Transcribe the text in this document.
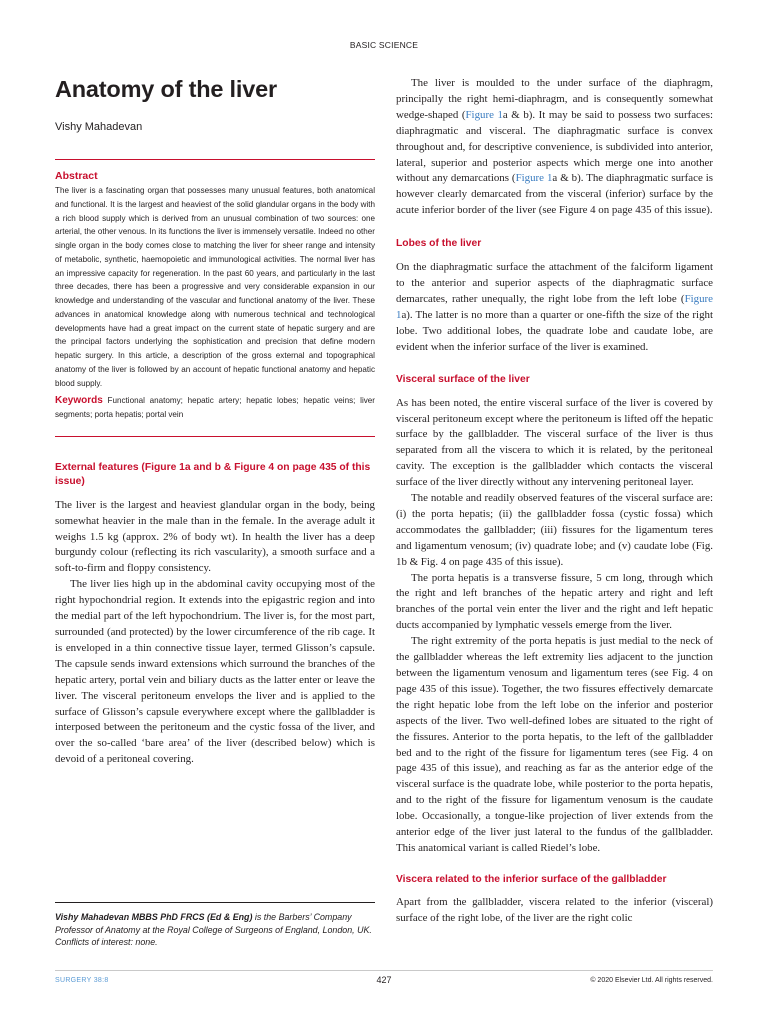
BASIC SCIENCE
Anatomy of the liver
Vishy Mahadevan
Abstract
The liver is a fascinating organ that possesses many unusual features, both anatomical and functional. It is the largest and heaviest of the solid glandular organs in the body with a rich blood supply which is derived from an unusual combination of two sources: one arterial, the other venous. In its functions the liver is immensely versatile. Indeed no other single organ in the body comes close to matching the liver for sheer range and intensity of metabolic, synthetic, haemopoietic and immunological activities. The normal liver has an impressive capacity for regeneration. In the past 60 years, and particularly in the last three decades, there has been a progressive and very considerable expansion in our knowledge and understanding of the vascular and functional anatomy of the liver. These advances in anatomical knowledge along with numerous technical and technological developments have had a great impact on the current state of hepatic surgery and are the principal factors underlying the sophistication and precision that define modern hepatic surgery. In this article, a description of the gross external and topographical anatomy of the liver is followed by an account of hepatic functional anatomy and hepatic blood supply.
Keywords Functional anatomy; hepatic artery; hepatic lobes; hepatic veins; liver segments; porta hepatis; portal vein
External features (Figure 1a and b & Figure 4 on page 435 of this issue)

The liver is the largest and heaviest glandular organ in the body, being somewhat heavier in the male than in the female. In the average adult it weighs 1.5 kg (approx. 2% of body wt). In health the liver has a deep burgundy colour (reflecting its rich vascularity), a smooth surface and a soft-to-firm and floppy consistency.

The liver lies high up in the abdominal cavity occupying most of the right hypochondrial region. It extends into the epigastric region and into the medial part of the left hypochondrium. The liver is, for the most part, surrounded (and protected) by the lower circumference of the rib cage. It is enveloped in a thin connective tissue layer, termed Glisson’s capsule. The capsule sends inward extensions which surround the branches of the hepatic artery, portal vein and biliary ducts as the latter enter or leave the liver. The visceral peritoneum envelops the liver and is applied to the surface of Glisson’s capsule everywhere except where the gallbladder is interposed between the peritoneum and the cystic fossa of the liver, and over the so-called ‘bare area’ of the liver (described below) which is devoid of a peritoneal covering.

Vishy Mahadevan MBBS PhD FRCS (Ed & Eng) is the Barbers’ Company Professor of Anatomy at the Royal College of Surgeons of England, London, UK. Conflicts of interest: none.

The liver is moulded to the under surface of the diaphragm, principally the right hemi-diaphragm, and is consequently somewhat wedge-shaped (Figure 1a & b). It may be said to possess two surfaces: diaphragmatic and visceral. The diaphragmatic surface is convex throughout and, for descriptive convenience, is subdivided into anterior, lateral, superior and posterior aspects which merge one into another without any demarcations (Figure 1a & b). The diaphragmatic surface is however clearly demarcated from the visceral (inferior) surface by the acute inferior border of the liver (see Figure 4 on page 435 of this issue).

Lobes of the liver

On the diaphragmatic surface the attachment of the falciform ligament to the anterior and superior aspects of the diaphragmatic surface demarcates, rather unequally, the right lobe from the left lobe (Figure 1a). The latter is no more than a quarter or one-fifth the size of the right lobe. Two additional lobes, the quadrate lobe and caudate lobe, are evident when the inferior surface of the liver is examined.

Visceral surface of the liver

As has been noted, the entire visceral surface of the liver is covered by visceral peritoneum except where the peritoneum is lifted off the hepatic surface by the gallbladder. The visceral surface of the liver is thus separated from all the viscera to which it is related, by the peritoneal cavity. The exception is the gallbladder which contacts the visceral surface of the liver directly without any intervening peritoneal layer.

The notable and readily observed features of the visceral surface are: (i) the porta hepatis; (ii) the gallbladder fossa (cystic fossa) which accommodates the gallbladder; (iii) fissures for the ligamentum teres and ligamentum venosum; (iv) quadrate lobe; and (v) caudate lobe (Fig. 1b & Fig. 4 on page 435 of this issue).

The porta hepatis is a transverse fissure, 5 cm long, through which the right and left branches of the hepatic artery and right and left branches of the portal vein enter the liver and the right and left hepatic ducts accompanied by lymphatic vessels emerge from the liver.

The right extremity of the porta hepatis is just medial to the neck of the gallbladder whereas the left extremity lies adjacent to the junction between the ligamentum venosum and ligamentum teres (see Fig. 4 on page 435 of this issue). Together, the two fissures effectively demarcate the right hepatic lobe from the left lobe on the inferior and posterior aspects of the liver. Two well-defined lobes are situated to the right of the fissures. Anterior to the porta hepatis, to the left of the gallbladder bed and to the right of the fissure for ligamentum teres (see Fig. 4 on page 435 of this issue), and reaching as far as the anterior edge of the visceral surface is the quadrate lobe, while posterior to the porta hepatis, and to the right of the fissure for ligamentum venosum is the caudate lobe. Occasionally, a tongue-like projection of liver extends from the anterior edge of the liver just lateral to the fundus of the gallbladder. This anatomical variant is called Riedel’s lobe.

Viscera related to the inferior surface of the gallbladder

Apart from the gallbladder, viscera related to the inferior (visceral) surface of the right lobe, of the liver are the right colic

SURGERY 38:8	427	© 2020 Elsevier Ltd. All rights reserved.
